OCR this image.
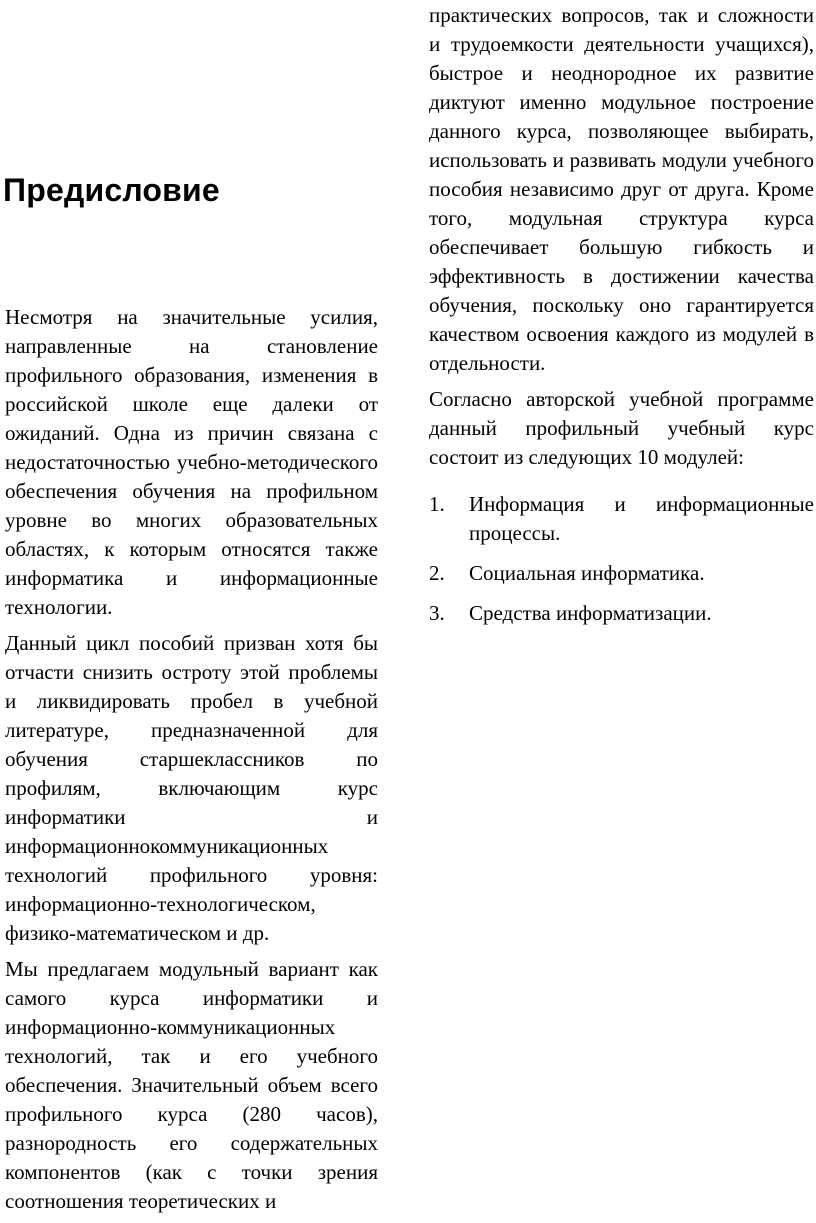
Предисловие

Несмотря на значительные усилия, направленные на становление профильного образования, изменения в российской школе еще далеки от ожиданий. Одна из причин связана с недостаточностью учебно-методического обеспечения обучения на профильном уровне во многих образовательных областях, к которым относятся также информатика и информационные технологии.

Данный цикл пособий призван хотя бы отчасти снизить остроту этой проблемы и ликвидировать пробел в учебной литературе, предназначенной для обучения старшеклассников по профилям, включающим курс информатики и информационнокоммуникационных технологий профильного уровня: информационно-технологическом, физико-математическом и др.

Мы предлагаем модульный вариант как самого курса информатики и информационно-коммуникационных технологий, так и его учебного обеспечения. Значительный объем всего профильного курса (280 часов), разнородность его содержательных компонентов (как с точки зрения соотношения теоретических и

практических вопросов, так и сложности и трудоемкости деятельности учащихся), быстрое и неоднородное их развитие диктуют именно модульное построение данного курса, позволяющее выбирать, использовать и развивать модули учебного пособия независимо друг от друга. Кроме того, модульная структура курса обеспечивает большую гибкость и эффективность в достижении качества обучения, поскольку оно гарантируется качеством освоения каждого из модулей в отдельности.

Согласно авторской учебной программе данный профильный учебный курс состоит из следующих 10 модулей:

1.	Информация и информационные процессы.
2.	Социальная информатика.
3.	Средства информатизации.
